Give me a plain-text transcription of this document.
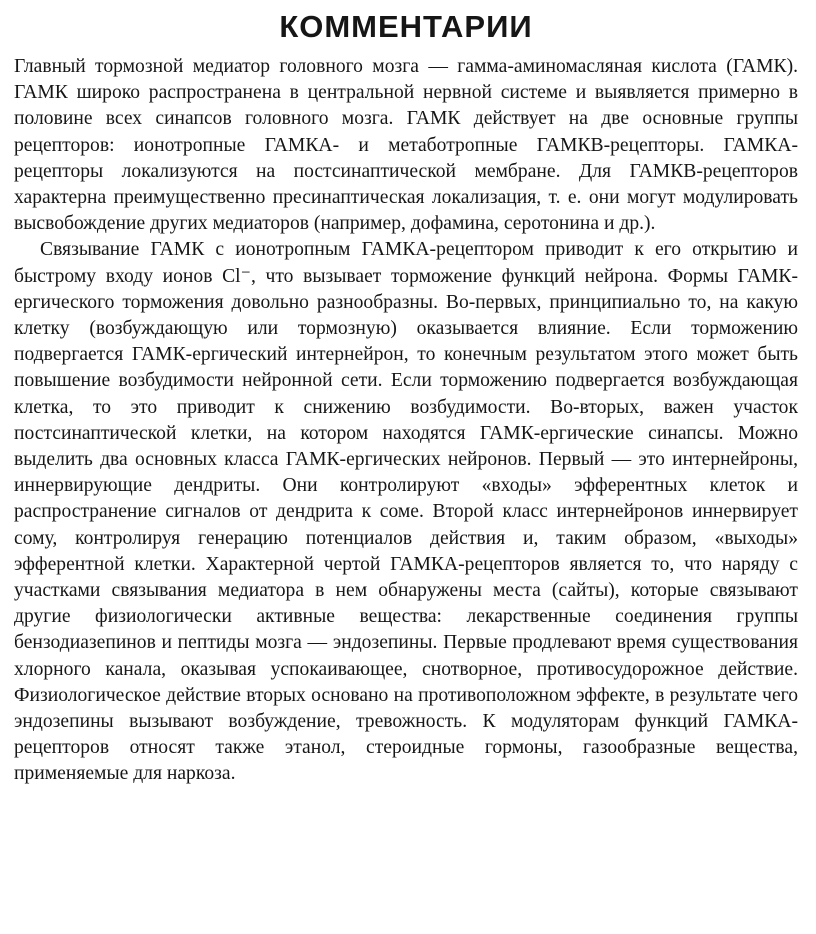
КОММЕНТАРИИ

Главный тормозной медиатор головного мозга — гамма-аминомасляная кислота (ГАМК). ГАМК широко распространена в центральной нервной системе и выявляется примерно в половине всех синапсов головного мозга. ГАМК действует на две основные группы рецепторов: ионотропные ГАМКА- и метаботропные ГАМКB-рецепторы. ГАМКА-рецепторы локализуются на постсинаптической мембране. Для ГАМКB-рецепторов характерна преимущественно пресинаптическая локализация, т. е. они могут модулировать высвобождение других медиаторов (например, дофамина, серотонина и др.).

Связывание ГАМК с ионотропным ГАМКА-рецептором приводит к его открытию и быстрому входу ионов Cl⁻, что вызывает торможение функций нейрона. Формы ГАМК-ергического торможения довольно разнообразны. Во-первых, принципиально то, на какую клетку (возбуждающую или тормозную) оказывается влияние. Если торможению подвергается ГАМК-ергический интернейрон, то конечным результатом этого может быть повышение возбудимости нейронной сети. Если торможению подвергается возбуждающая клетка, то это приводит к снижению возбудимости. Во-вторых, важен участок постсинаптической клетки, на котором находятся ГАМК-ергические синапсы. Можно выделить два основных класса ГАМК-ергических нейронов. Первый — это интернейроны, иннервирующие дендриты. Они контролируют «входы» эфферентных клеток и распространение сигналов от дендрита к соме. Второй класс интернейронов иннервирует сому, контролируя генерацию потенциалов действия и, таким образом, «выходы» эфферентной клетки. Характерной чертой ГАМКА-рецепторов является то, что наряду с участками связывания медиатора в нем обнаружены места (сайты), которые связывают другие физиологически активные вещества: лекарственные соединения группы бензодиазепинов и пептиды мозга — эндозепины. Первые продлевают время существования хлорного канала, оказывая успокаивающее, снотворное, противосудорожное действие. Физиологическое действие вторых основано на противоположном эффекте, в результате чего эндозепины вызывают возбуждение, тревожность. К модуляторам функций ГАМКА-рецепторов относят также этанол, стероидные гормоны, газообразные вещества, применяемые для наркоза.
